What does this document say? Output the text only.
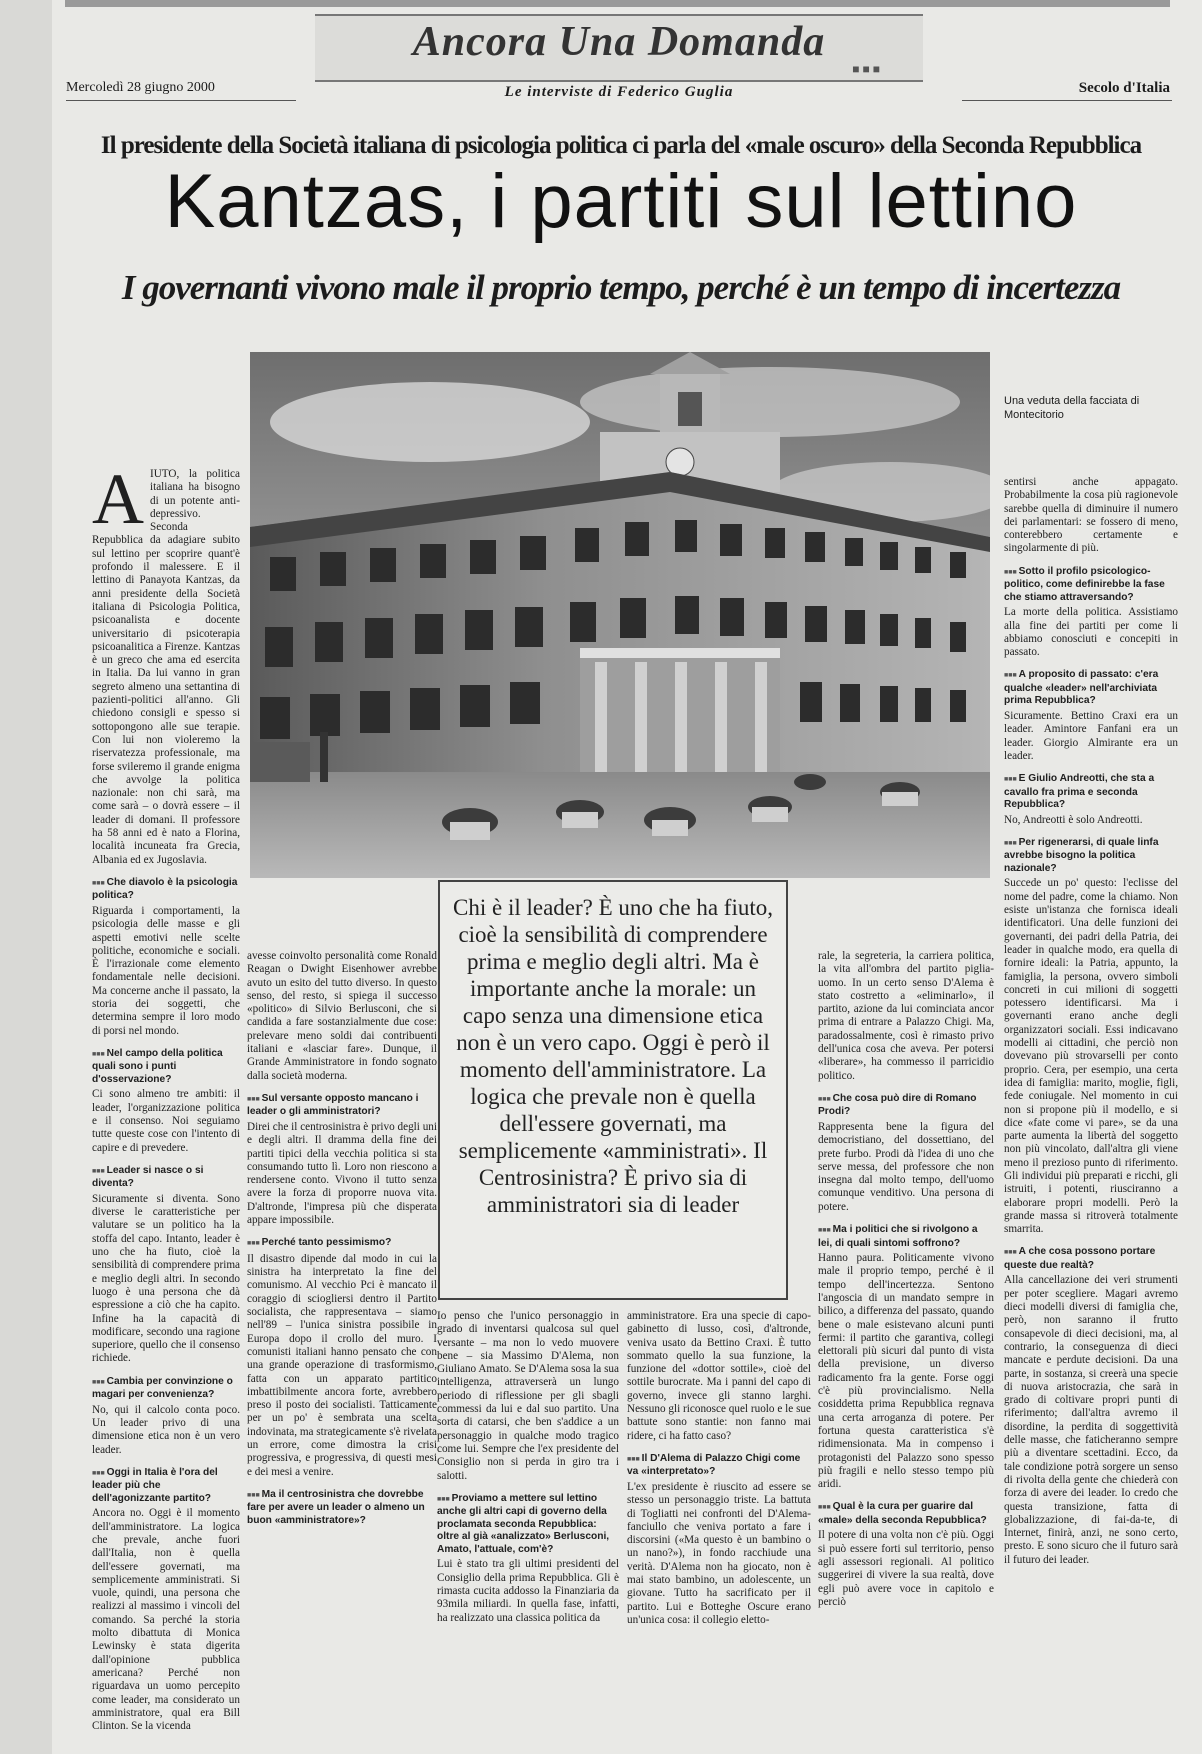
Ancora Una Domanda
■■■
Le interviste di Federico Guglia
Mercoledì 28 giugno 2000	Secolo d'Italia
Il presidente della Società italiana di psicologia politica ci parla del «male oscuro» della Seconda Repubblica
Kantzas, i partiti sul lettino
I governanti vivono male il proprio tempo, perché è un tempo di incertezza
Una veduta della facciata di Montecitorio

AIUTO, la politica italiana ha bisogno di un potente anti-depressivo. Seconda Repubblica da adagiare subito sul lettino per scoprire quant'è profondo il malessere. E il lettino di Panayota Kantzas, da anni presidente della Società italiana di Psicologia Politica, psicoanalista e docente universitario di psicoterapia psicoanalitica a Firenze. Kantzas è un greco che ama ed esercita in Italia. Da lui vanno in gran segreto almeno una settantina di pazienti-politici all'anno. Gli chiedono consigli e spesso si sottopongono alle sue terapie. Con lui non violeremo la riservatezza professionale, ma forse svileremo il grande enigma che avvolge la politica nazionale: non chi sarà, ma come sarà – o dovrà essere – il leader di domani. Il professore ha 58 anni ed è nato a Florina, località incuneata fra Grecia, Albania ed ex Jugoslavia.

■■■ Che diavolo è la psicologia politica?

Riguarda i comportamenti, la psicologia delle masse e gli aspetti emotivi nelle scelte politiche, economiche e sociali. È l'irrazionale come elemento fondamentale nelle decisioni. Ma concerne anche il passato, la storia dei soggetti, che determina sempre il loro modo di porsi nel mondo.

■■■ Nel campo della politica quali sono i punti d'osservazione?

Ci sono almeno tre ambiti: il leader, l'organizzazione politica e il consenso. Noi seguiamo tutte queste cose con l'intento di capire e di prevedere.

■■■ Leader si nasce o si diventa?

Sicuramente si diventa. Sono diverse le caratteristiche per valutare se un politico ha la stoffa del capo. Intanto, leader è uno che ha fiuto, cioè la sensibilità di comprendere prima e meglio degli altri. In secondo luogo è una persona che dà espressione a ciò che ha capito. Infine ha la capacità di modificare, secondo una ragione superiore, quello che il consenso richiede.

■■■ Cambia per convinzione o magari per convenienza?

No, qui il calcolo conta poco. Un leader privo di una dimensione etica non è un vero leader.

■■■ Oggi in Italia è l'ora del leader più che dell'agonizzante partito?

Ancora no. Oggi è il momento dell'amministratore. La logica che prevale, anche fuori dall'Italia, non è quella dell'essere governati, ma semplicemente amministrati. Si vuole, quindi, una persona che realizzi al massimo i vincoli del comando. Sa perché la storia molto dibattuta di Monica Lewinsky è stata digerita dall'opinione pubblica americana? Perché non riguardava un uomo percepito come leader, ma considerato un amministratore, qual era Bill Clinton. Se la vicenda

avesse coinvolto personalità come Ronald Reagan o Dwight Eisenhower avrebbe avuto un esito del tutto diverso. In questo senso, del resto, si spiega il successo «politico» di Silvio Berlusconi, che si candida a fare sostanzialmente due cose: prelevare meno soldi dai contribuenti italiani e «lasciar fare». Dunque, il Grande Amministratore in fondo sognato dalla società moderna.

■■■ Sul versante opposto mancano i leader o gli amministratori?

Direi che il centrosinistra è privo degli uni e degli altri. Il dramma della fine dei partiti tipici della vecchia politica si sta consumando tutto lì. Loro non riescono a rendersene conto. Vivono il tutto senza avere la forza di proporre nuova vita. D'altronde, l'impresa più che disperata appare impossibile.

■■■ Perché tanto pessimismo?

Il disastro dipende dal modo in cui la sinistra ha interpretato la fine del comunismo. Al vecchio Pci è mancato il coraggio di sciogliersi dentro il Partito socialista, che rappresentava – siamo nell'89 – l'unica sinistra possibile in Europa dopo il crollo del muro. I comunisti italiani hanno pensato che con una grande operazione di trasformismo, fatta con un apparato partitico imbattibilmente ancora forte, avrebbero preso il posto dei socialisti. Tatticamente per un po' è sembrata una scelta indovinata, ma strategicamente s'è rivelata un errore, come dimostra la crisi progressiva, e progressiva, di questi mesi e dei mesi a venire.

■■■ Ma il centrosinistra che dovrebbe fare per avere un leader o almeno un buon «amministratore»?

Chi è il leader? È uno che ha fiuto, cioè la sensibilità di comprendere prima e meglio degli altri. Ma è importante anche la morale: un capo senza una dimensione etica non è un vero capo. Oggi è però il momento dell'amministratore. La logica che prevale non è quella dell'essere governati, ma semplicemente «amministrati». Il Centrosinistra? È privo sia di amministratori sia di leader

Io penso che l'unico personaggio in grado di inventarsi qualcosa sul quel versante – ma non lo vedo muovere bene – sia Massimo D'Alema, non Giuliano Amato. Se D'Alema sosa la sua intelligenza, attraverserà un lungo periodo di riflessione per gli sbagli commessi da lui e dal suo partito. Una sorta di catarsi, che ben s'addice a un personaggio in qualche modo tragico come lui. Sempre che l'ex presidente del Consiglio non si perda in giro tra i salotti.

■■■ Proviamo a mettere sul lettino anche gli altri capi di governo della proclamata seconda Repubblica: oltre al già «analizzato» Berlusconi, Amato, l'attuale, com'è?

Lui è stato tra gli ultimi presidenti del Consiglio della prima Repubblica. Gli è rimasta cucita addosso la Finanziaria da 93mila miliardi. In quella fase, infatti, ha realizzato una classica politica da

amministratore. Era una specie di capo-gabinetto di lusso, così, d'altronde, veniva usato da Bettino Craxi. È tutto sommato quello la sua funzione, la funzione del «dottor sottile», cioè del sottile burocrate. Ma i panni del capo di governo, invece gli stanno larghi. Nessuno gli riconosce quel ruolo e le sue battute sono stantie: non fanno mai ridere, ci ha fatto caso?

■■■ Il D'Alema di Palazzo Chigi come va «interpretato»?

L'ex presidente è riuscito ad essere se stesso un personaggio triste. La battuta di Togliatti nei confronti del D'Alema-fanciullo che veniva portato a fare i discorsini («Ma questo è un bambino o un nano?»), in fondo racchiude una verità. D'Alema non ha giocato, non è mai stato bambino, un adolescente, un giovane. Tutto ha sacrificato per il partito. Lui e Botteghe Oscure erano un'unica cosa: il collegio eletto-

rale, la segreteria, la carriera politica, la vita all'ombra del partito piglia-uomo. In un certo senso D'Alema è stato costretto a «eliminarlo», il partito, azione da lui cominciata ancor prima di entrare a Palazzo Chigi. Ma, paradossalmente, così è rimasto privo dell'unica cosa che aveva. Per potersi «liberare», ha commesso il parricidio politico.

■■■ Che cosa può dire di Romano Prodi?

Rappresenta bene la figura del democristiano, del dossettiano, del prete furbo. Prodi dà l'idea di uno che serve messa, del professore che non insegna dal molto tempo, dell'uomo comunque venditivo. Una persona di potere.

■■■ Ma i politici che si rivolgono a lei, di quali sintomi soffrono?

Hanno paura. Politicamente vivono male il proprio tempo, perché è il tempo dell'incertezza. Sentono l'angoscia di un mandato sempre in bilico, a differenza del passato, quando bene o male esistevano alcuni punti fermi: il partito che garantiva, collegi elettorali più sicuri dal punto di vista della previsione, un diverso radicamento fra la gente. Forse oggi c'è più provincialismo. Nella cosiddetta prima Repubblica regnava una certa arroganza di potere. Per fortuna questa caratteristica s'è ridimensionata. Ma in compenso i protagonisti del Palazzo sono spesso più fragili e nello stesso tempo più aridi.

■■■ Qual è la cura per guarire dal «male» della seconda Repubblica?

Il potere di una volta non c'è più. Oggi si può essere forti sul territorio, penso agli assessori regionali. Al politico suggerirei di vivere la sua realtà, dove egli può avere voce in capitolo e perciò

sentirsi anche appagato. Probabilmente la cosa più ragionevole sarebbe quella di diminuire il numero dei parlamentari: se fossero di meno, conterebbero certamente e singolarmente di più.

■■■ Sotto il profilo psicologico-politico, come definirebbe la fase che stiamo attraversando?

La morte della politica. Assistiamo alla fine dei partiti per come li abbiamo conosciuti e concepiti in passato.

■■■ A proposito di passato: c'era qualche «leader» nell'archiviata prima Repubblica?

Sicuramente. Bettino Craxi era un leader. Amintore Fanfani era un leader. Giorgio Almirante era un leader.

■■■ E Giulio Andreotti, che sta a cavallo fra prima e seconda Repubblica?

No, Andreotti è solo Andreotti.

■■■ Per rigenerarsi, di quale linfa avrebbe bisogno la politica nazionale?

Succede un po' questo: l'eclisse del nome del padre, come la chiamo. Non esiste un'istanza che fornisca ideali identificatori. Una delle funzioni dei governanti, dei padri della Patria, dei leader in qualche modo, era quella di fornire ideali: la Patria, appunto, la famiglia, la persona, ovvero simboli concreti in cui milioni di soggetti potessero identificarsi. Ma i governanti erano anche degli organizzatori sociali. Essi indicavano modelli ai cittadini, che perciò non dovevano più strovarselli per conto proprio. Cera, per esempio, una certa idea di famiglia: marito, moglie, figli, fede coniugale. Nel momento in cui non si propone più il modello, e si dice «fate come vi pare», se da una parte aumenta la libertà del soggetto non più vincolato, dall'altra gli viene meno il prezioso punto di riferimento. Gli individui più preparati e ricchi, gli istruiti, i potenti, riusciranno a elaborare propri modelli. Però la grande massa si ritroverà totalmente smarrita.

■■■ A che cosa possono portare queste due realtà?

Alla cancellazione dei veri strumenti per poter scegliere. Magari avremo dieci modelli diversi di famiglia che, però, non saranno il frutto consapevole di dieci decisioni, ma, al contrario, la conseguenza di dieci mancate e perdute decisioni. Da una parte, in sostanza, si creerà una specie di nuova aristocrazia, che sarà in grado di coltivare propri punti di riferimento; dall'altra avremo il disordine, la perdita di soggettività delle masse, che faticheranno sempre più a diventare scettadini. Ecco, da tale condizione potrà sorgere un senso di rivolta della gente che chiederà con forza di avere dei leader. Io credo che questa transizione, fatta di globalizzazione, di fai-da-te, di Internet, finirà, anzi, ne sono certo, presto. E sono sicuro che il futuro sarà il futuro dei leader.
